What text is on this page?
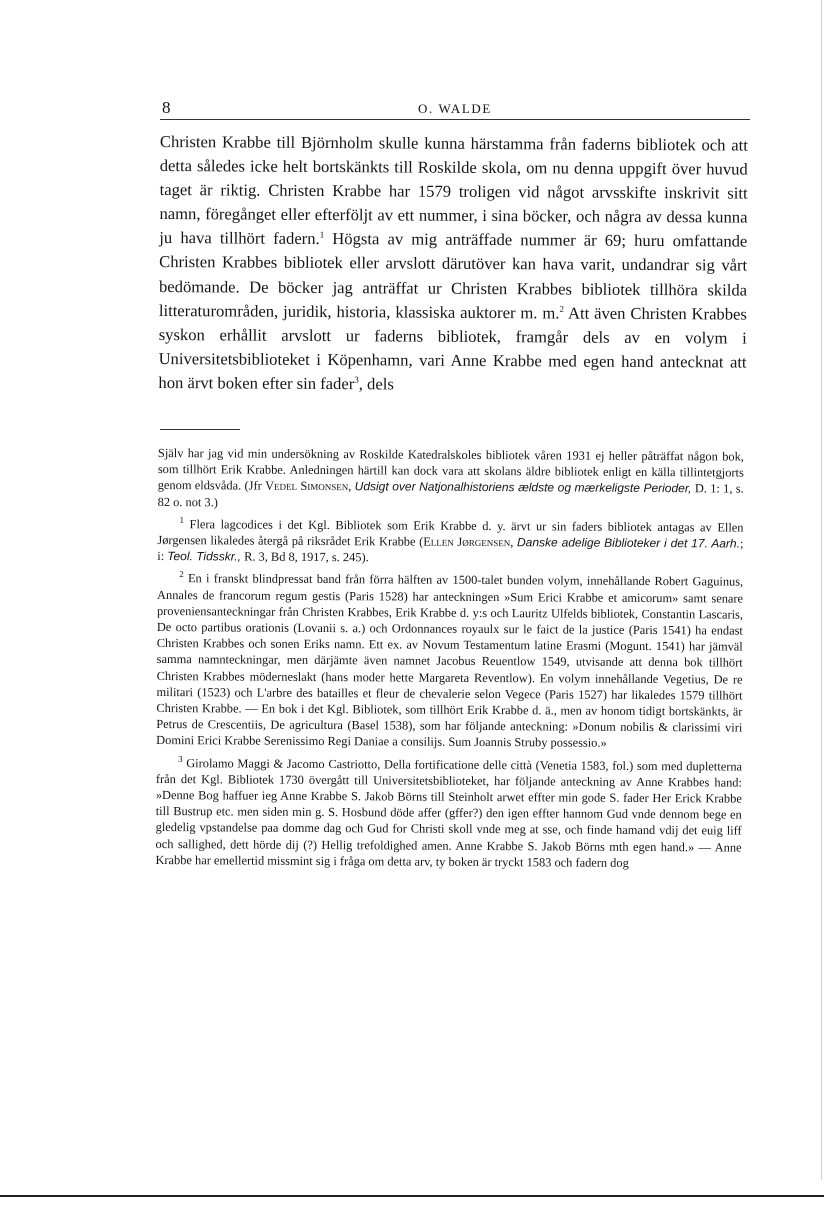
8	O. WALDE

Christen Krabbe till Björnholm skulle kunna härstamma från faderns bibliotek och att detta således icke helt bortskänkts till Roskilde skola, om nu denna uppgift över huvud taget är riktig. Christen Krabbe har 1579 troligen vid något arvsskifte inskrivit sitt namn, föregånget eller efterföljt av ett nummer, i sina böcker, och några av dessa kunna ju hava tillhört fadern.$^1$ Högsta av mig anträffade nummer är 69; huru omfattande Christen Krabbes bibliotek eller arvslott därutöver kan hava varit, undandrar sig vårt bedömande. De böcker jag anträffat ur Christen Krabbes bibliotek tillhöra skilda litteraturområden, juridik, historia, klassiska auktorer m. m.$^2$ Att även Christen Krabbes syskon erhållit arvslott ur faderns bibliotek, framgår dels av en volym i Universitetsbiblioteket i Köpenhamn, vari Anne Krabbe med egen hand antecknat att hon ärvt boken efter sin fader$^3$, dels

Själv har jag vid min undersökning av Roskilde Katedralskoles bibliotek våren 1931 ej heller påträffat någon bok, som tillhört Erik Krabbe. Anledningen härtill kan dock vara att skolans äldre bibliotek enligt en källa tillintetgjorts genom eldsvåda. (Jfr Vedel Simonsen, Udsigt over Natjonalhistoriens ældste og mærkeligste Perioder, D. 1: 1, s. 82 o. not 3.)

$^1$ Flera lagcodices i det Kgl. Bibliotek som Erik Krabbe d. y. ärvt ur sin faders bibliotek antagas av Ellen Jørgensen likaledes återgå på riksrådet Erik Krabbe (Ellen Jørgensen, Danske adelige Biblioteker i det 17. Aarh.; i: Teol. Tidsskr., R. 3, Bd 8, 1917, s. 245).

$^2$ En i franskt blindpressat band från förra hälften av 1500-talet bunden volym, innehållande Robert Gaguinus, Annales de francorum regum gestis (Paris 1528) har anteckningen »Sum Erici Krabbe et amicorum» samt senare proveniensanteckningar från Christen Krabbes, Erik Krabbe d. y:s och Lauritz Ulfelds bibliotek, Constantin Lascaris, De octo partibus orationis (Lovanii s. a.) och Ordonnances royaulx sur le faict de la justice (Paris 1541) ha endast Christen Krabbes och sonen Eriks namn. Ett ex. av Novum Testamentum latine Erasmi (Mogunt. 1541) har jämväl samma namnteckningar, men därjämte även namnet Jacobus Reuentlow 1549, utvisande att denna bok tillhört Christen Krabbes möderneslakt (hans moder hette Margareta Reventlow). En volym innehållande Vegetius, De re militari (1523) och L'arbre des batailles et fleur de chevalerie selon Vegece (Paris 1527) har likaledes 1579 tillhört Christen Krabbe. — En bok i det Kgl. Bibliotek, som tillhört Erik Krabbe d. ä., men av honom tidigt bortskänkts, är Petrus de Crescentiis, De agricultura (Basel 1538), som har följande anteckning: »Donum nobilis & clarissimi viri Domini Erici Krabbe Serenissimo Regi Daniae a consilijs. Sum Joannis Struby possessio.»

$^3$ Girolamo Maggi & Jacomo Castriotto, Della fortificatione delle città (Venetia 1583, fol.) som med dupletterna från det Kgl. Bibliotek 1730 övergått till Universitetsbiblioteket, har följande anteckning av Anne Krabbes hand: »Denne Bog haffuer ieg Anne Krabbe S. Jakob Börns till Steinholt arwet effter min gode S. fader Her Erick Krabbe till Bustrup etc. men siden min g. S. Hosbund döde affer (gffer?) den igen effter hannom Gud vnde dennom bege en gledelig vpstandelse paa domme dag och Gud for Christi skoll vnde meg at sse, och finde hamand vdij det euig liff och sallighed, dett hörde dij (?) Hellig trefoldighed amen. Anne Krabbe S. Jakob Börns mth egen hand.» — Anne Krabbe har emellertid missmint sig i fråga om detta arv, ty boken är tryckt 1583 och fadern dog
